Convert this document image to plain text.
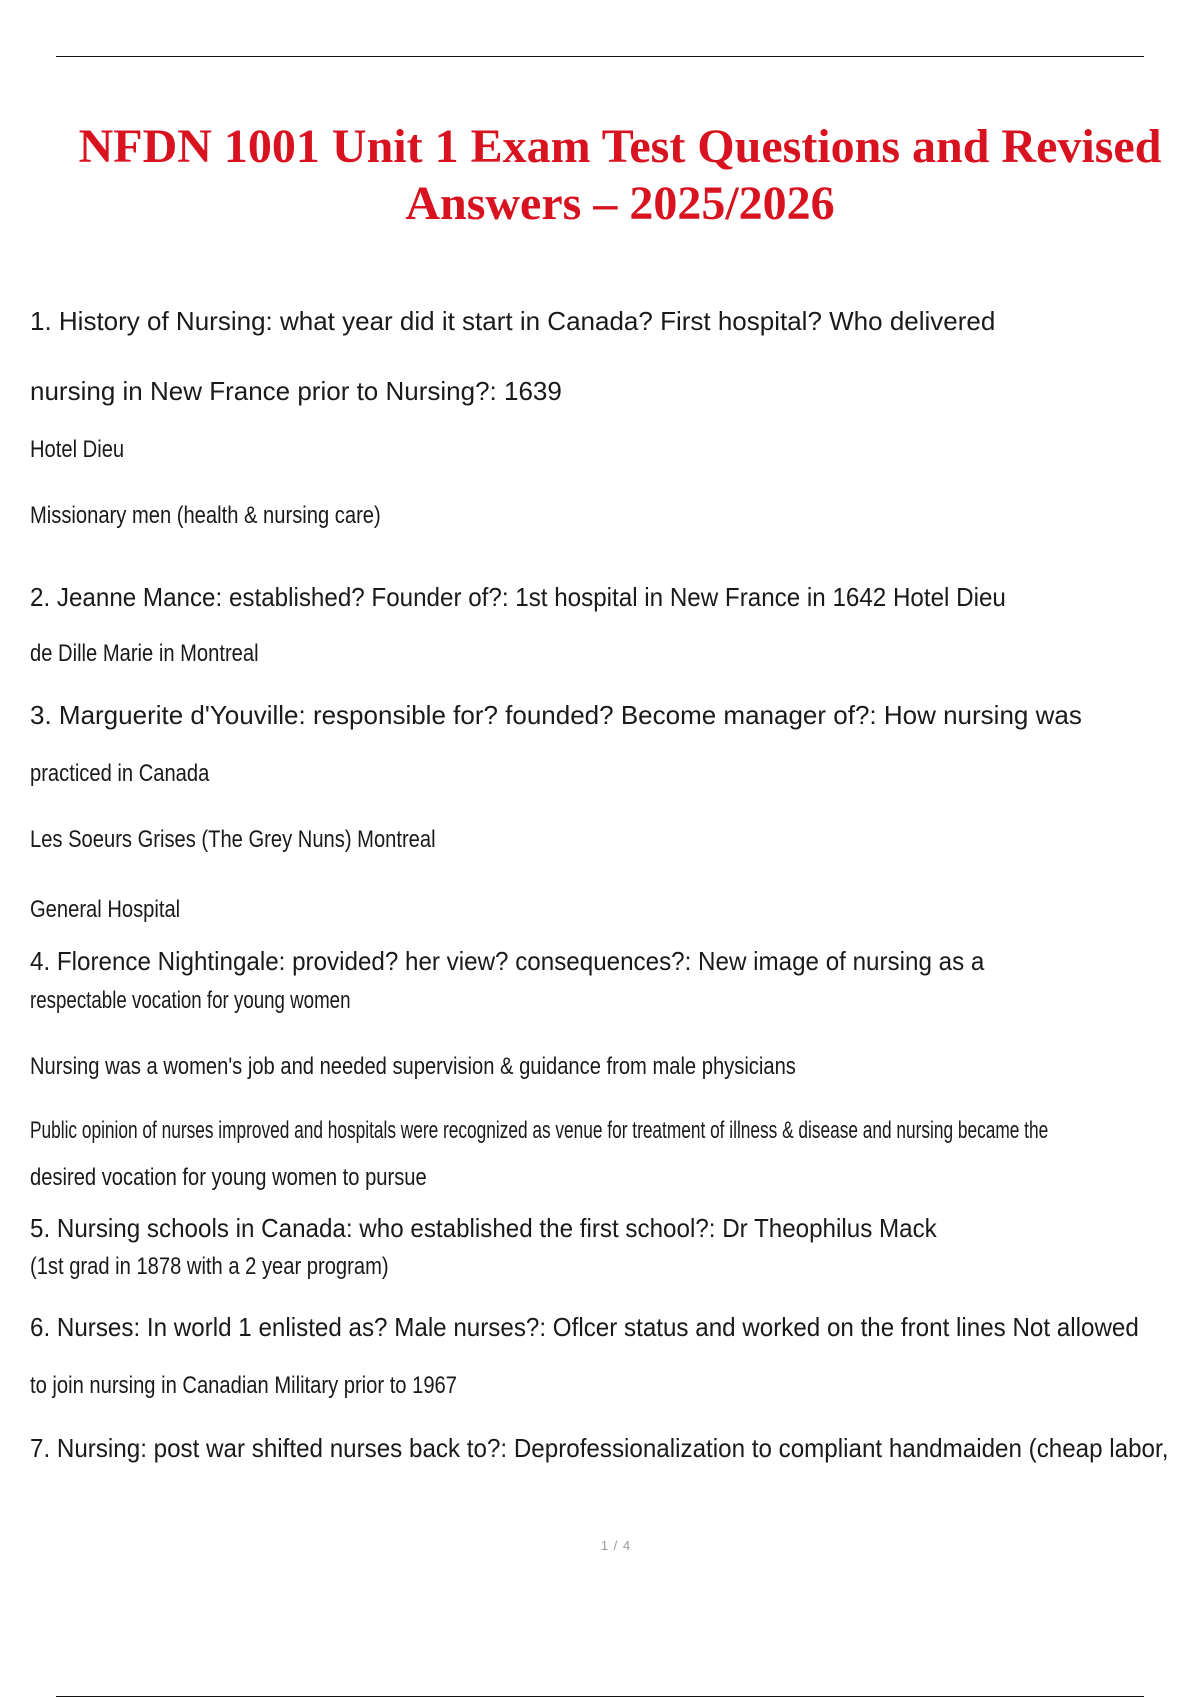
NFDN 1001 Unit 1 Exam Test Questions and Revised Answers – 2025/2026
1. History of Nursing: what year did it start in Canada? First hospital? Who delivered
nursing in New France prior to Nursing?: 1639
Hotel Dieu
Missionary men (health & nursing care)
2. Jeanne Mance: established? Founder of?: 1st hospital in New France in 1642 Hotel Dieu
de Dille Marie in Montreal
3. Marguerite d'Youville: responsible for? founded? Become manager of?: How nursing was
practiced in Canada
Les Soeurs Grises (The Grey Nuns) Montreal
General Hospital
4. Florence Nightingale: provided? her view? consequences?: New image of nursing as a
respectable vocation for young women
Nursing was a women's job and needed supervision & guidance from male physicians
Public opinion of nurses improved and hospitals were recognized as venue for treatment of illness & disease and nursing became the
desired vocation for young women to pursue
5. Nursing schools in Canada: who established the first school?: Dr Theophilus Mack
(1st grad in 1878 with a 2 year program)
6. Nurses: In world 1 enlisted as? Male nurses?: Oflcer status and worked on the front lines Not allowed
to join nursing in Canadian Military prior to 1967
7. Nursing: post war shifted nurses back to?: Deprofessionalization to compliant handmaiden (cheap labor,
1 / 4
